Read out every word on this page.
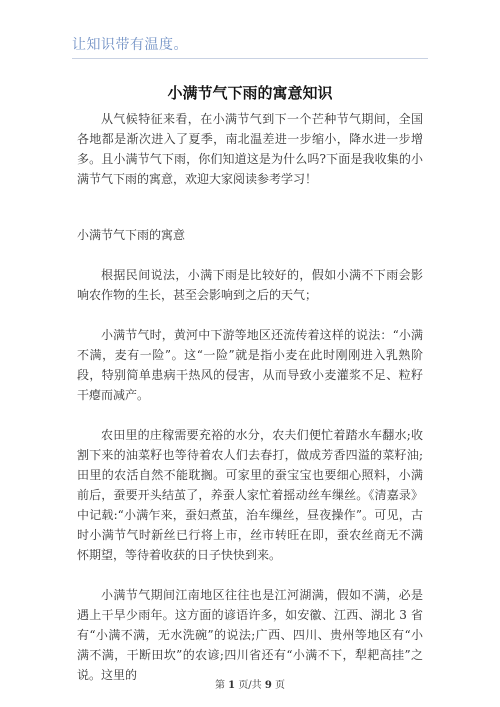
让知识带有温度。
小满节气下雨的寓意知识

从气候特征来看，在小满节气到下一个芒种节气期间，全国各地都是渐次进入了夏季，南北温差进一步缩小，降水进一步增多。且小满节气下雨，你们知道这是为什么吗?下面是我收集的小满节气下雨的寓意，欢迎大家阅读参考学习！

小满节气下雨的寓意

根据民间说法，小满下雨是比较好的，假如小满不下雨会影响农作物的生长，甚至会影响到之后的天气；

小满节气时，黄河中下游等地区还流传着这样的说法：“小满不满，麦有一险”。这“一险”就是指小麦在此时刚刚进入乳熟阶段，特别简单患病干热风的侵害，从而导致小麦灌浆不足、粒籽干瘪而减产。

农田里的庄稼需要充裕的水分，农夫们便忙着踏水车翻水;收割下来的油菜籽也等待着农人们去春打，做成芳香四溢的菜籽油;田里的农活自然不能耽搁。可家里的蚕宝宝也要细心照料，小满前后，蚕要开头结茧了，养蚕人家忙着摇动丝车缫丝。《清嘉录》中记载:“小满乍来，蚕妇煮茧，治车缫丝，昼夜操作”。可见，古时小满节气时新丝已行将上市，丝市转旺在即，蚕农丝商无不满怀期望，等待着收获的日子快快到来。

小满节气期间江南地区往往也是江河湖满，假如不满，必是遇上干旱少雨年。这方面的谚语许多，如安徽、江西、湖北 3 省有“小满不满，无水洗碗”的说法;广西、四川、贵州等地区有“小满不满，干断田坎”的农谚;四川省还有“小满不下，犁耙高挂”之说。这里的

第 1 页/共 9 页
